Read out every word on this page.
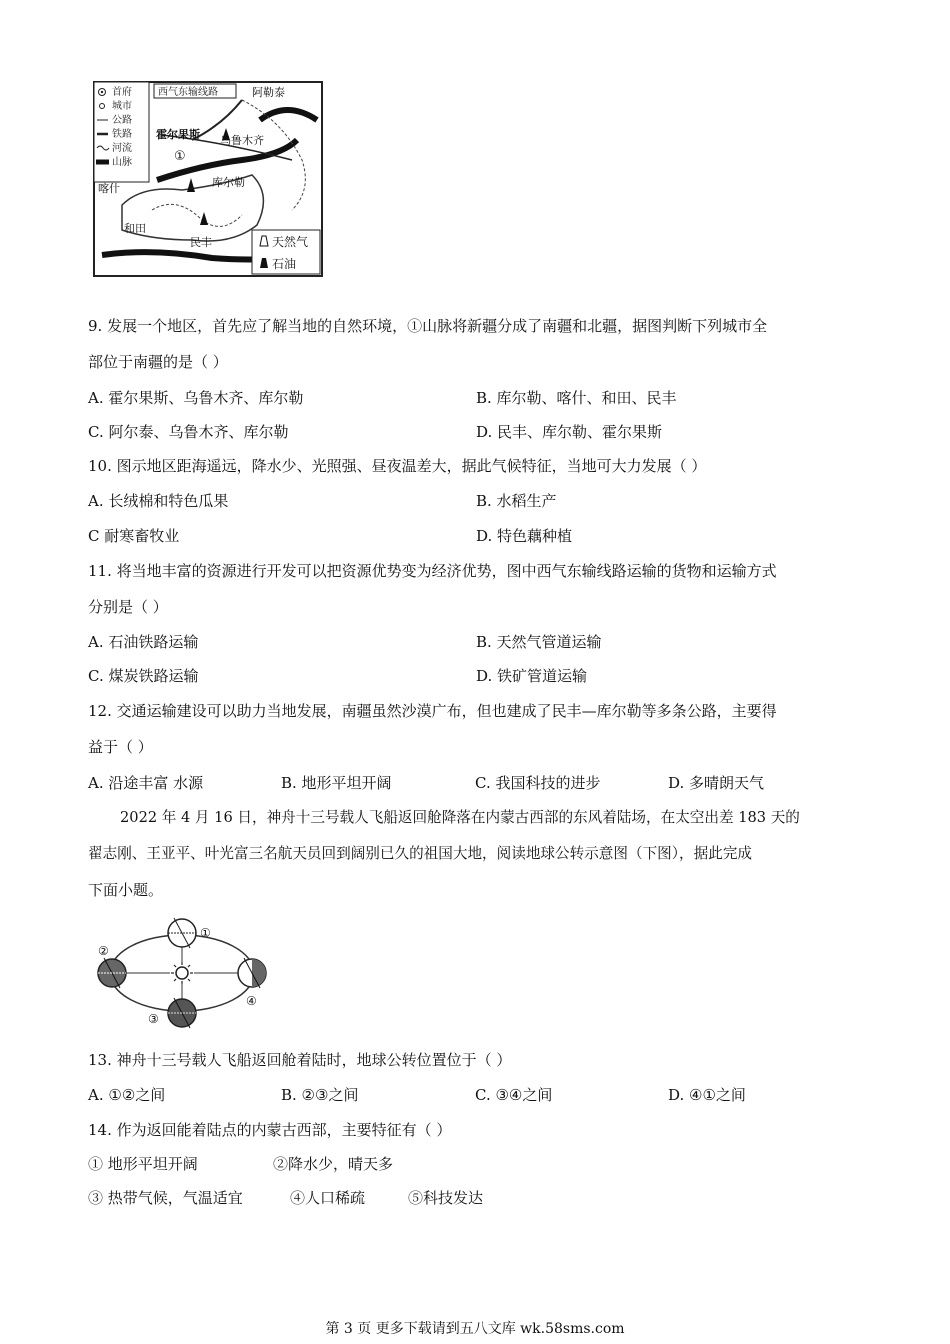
首府
城市
公路
铁路
河流
山脉
西气东输线路	阿勒泰
霍尔果斯 乌鲁木齐
①
喀什	库尔勒
和田
民丰	天然气
石油
9. 发展一个地区，首先应了解当地的自然环境，①山脉将新疆分成了南疆和北疆，据图判断下列城市全
部位于南疆的是（ ）
A. 霍尔果斯、乌鲁木齐、库尔勒	B. 库尔勒、喀什、和田、民丰
C. 阿尔泰、乌鲁木齐、库尔勒	D. 民丰、库尔勒、霍尔果斯
10. 图示地区距海遥远，降水少、光照强、昼夜温差大，据此气候特征，当地可大力发展（ ）
A. 长绒棉和特色瓜果	B. 水稻生产
C 耐寒畜牧业	D. 特色藕种植
11. 将当地丰富的资源进行开发可以把资源优势变为经济优势，图中西气东输线路运输的货物和运输方式
分别是（ ）
A. 石油铁路运输	B. 天然气管道运输
C. 煤炭铁路运输	D. 铁矿管道运输
12. 交通运输建设可以助力当地发展，南疆虽然沙漠广布，但也建成了民丰—库尔勒等多条公路，主要得
益于（ ）
A. 沿途丰富 水源	B. 地形平坦开阔	C. 我国科技的进步	D. 多晴朗天气
2022 年 4 月 16 日，神舟十三号载人飞船返回舱降落在内蒙古西部的东风着陆场，在太空出差 183 天的
翟志刚、王亚平、叶光富三名航天员回到阔别已久的祖国大地，阅读地球公转示意图（下图），据此完成
下面小题。
①
②
③
④
13. 神舟十三号载人飞船返回舱着陆时，地球公转位置位于（ ）
A. ①②之间	B. ②③之间	C. ③④之间	D. ④①之间
14. 作为返回能着陆点的内蒙古西部，主要特征有（ ）
① 地形平坦开阔	②降水少，晴天多
③ 热带气候，气温适宜	④人口稀疏	⑤科技发达
第 3 页 更多下载请到五八文库 wk.58sms.com
